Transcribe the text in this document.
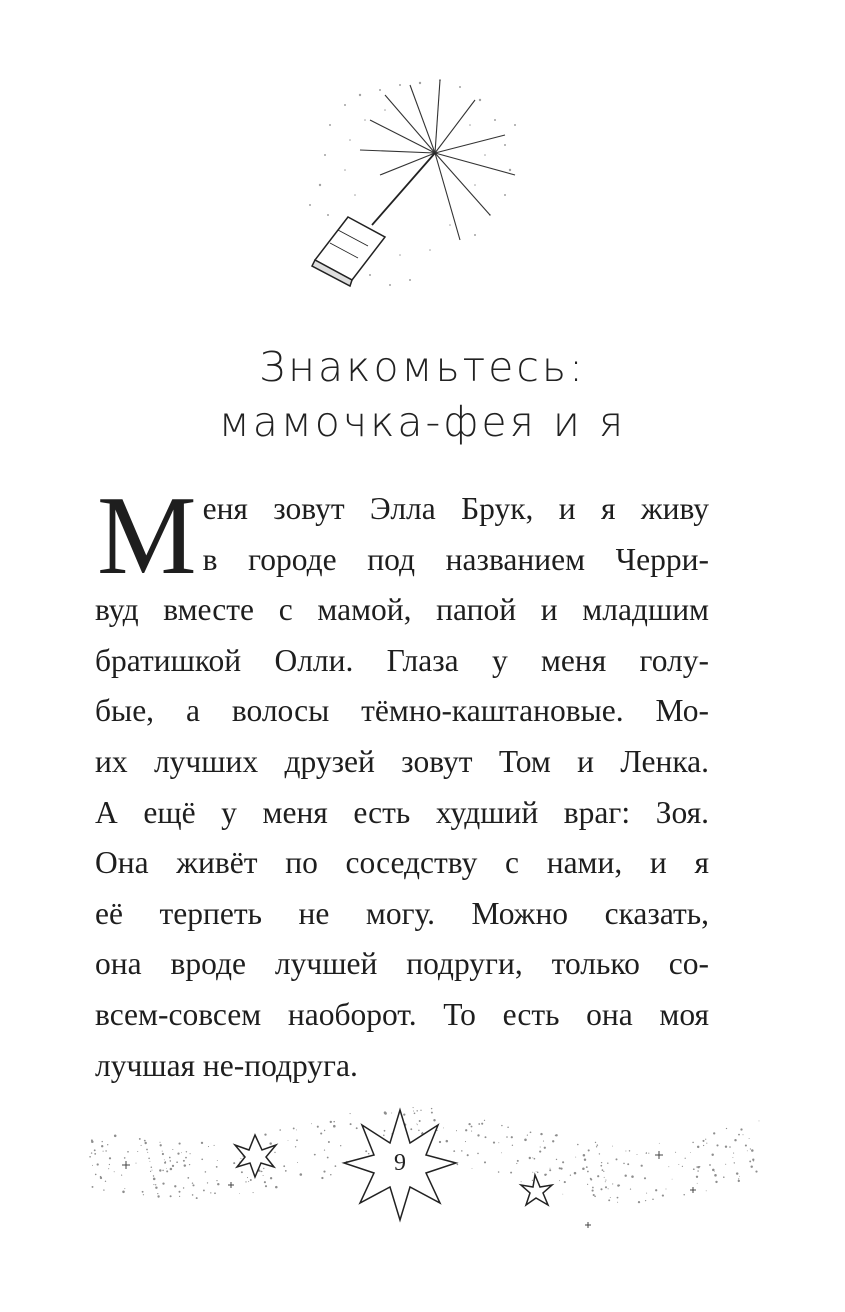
Знакомьтесь:
мамочка-фея и я
М еня зовут Элла Брук, и я живу
в городе под названием Черри-
вуд вместе с мамой, папой и младшим
братишкой Олли. Глаза у меня голу-
бые, а волосы тёмно-каштановые. Мо-
их лучших друзей зовут Том и Ленка.
А ещё у меня есть худший враг: Зоя.
Она живёт по соседству с нами, и я
её терпеть не могу. Можно сказать,
она вроде лучшей подруги, только со-
всем-совсем наоборот. То есть она моя
лучшая не-подруга.
9
